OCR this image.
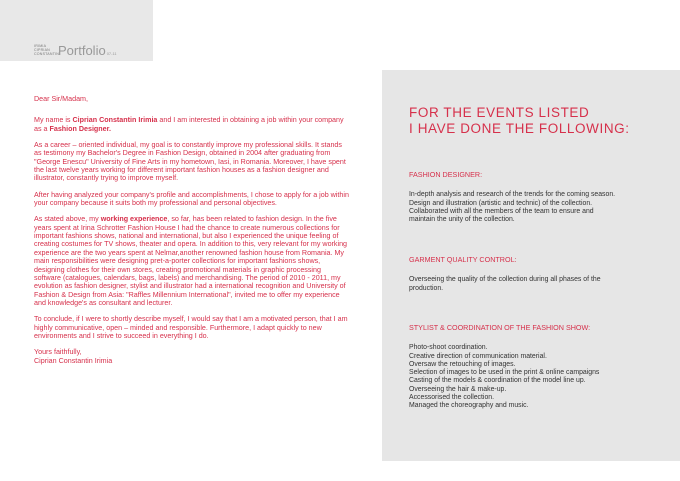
IRIMIA
CIPRIAN
CONSTANTIN
Portfolio07-11

Dear Sir/Madam,

My name is Ciprian Constantin Irimia and I am interested in obtaining a job within your company as a Fashion Designer.

As a career – oriented individual, my goal is to constantly improve my professional skills. It stands as testimony my Bachelor's Degree in Fashion Design, obtained in 2004 after graduating from "George Enescu" University of Fine Arts in my hometown, Iasi, in Romania. Moreover, I have spent the last twelve years working for different important fashion houses as a fashion designer and illustrator, constantly trying to improve myself.

After having analyzed your company's profile and accomplishments, I chose to apply for a job within your company because it suits both my professional and personal objectives.

As stated above, my working experience, so far, has been related to fashion design. In the five years spent at Irina Schrotter Fashion House I had the chance to create numerous collections for important fashions shows, national and international, but also I experienced the unique feeling of creating costumes for TV shows, theater and opera. In addition to this, very relevant for my working experience are the two years spent at Nelmar,another renowned fashion house from Romania. My main responsibilities were designing pret-a-porter collections for important fashions shows, designing clothes for their own stores, creating promotional materials in graphic processing software (catalogues, calendars, bags, labels) and merchandising. The period of 2010 - 2011, my evolution as fashion designer, stylist and illustrator had a international recognition and University of Fashion & Design from Asia: "Raffles Millennium International", invited me to offer my experience and knowledge's as consultant and lecturer.

To conclude, if I were to shortly describe myself, I would say that I am a motivated person, that I am highly communicative, open – minded and responsible. Furthermore, I adapt quickly to new environments and I strive to succeed in everything I do.

Yours faithfully,
Ciprian Constantin Irimia
FOR THE EVENTS LISTED
I HAVE DONE THE FOLLOWING:
FASHION DESIGNER:
In-depth analysis and research of the trends for the coming season.
Design and illustration (artistic and technic) of the collection.
Collaborated with all the members of the team to ensure and
maintain the unity of the collection.
GARMENT QUALITY CONTROL:
Overseeing the quality of the collection during all phases of the
production.
STYLIST & COORDINATION OF THE FASHION SHOW:
Photo-shoot coordination.
Creative direction of communication material.
Oversaw the retouching of images.
Selection of images to be used in the print & online campaigns
Casting of the models & coordination of the model line up.
Overseeing the hair & make-up.
Accessorised the collection.
Managed the choreography and music.
